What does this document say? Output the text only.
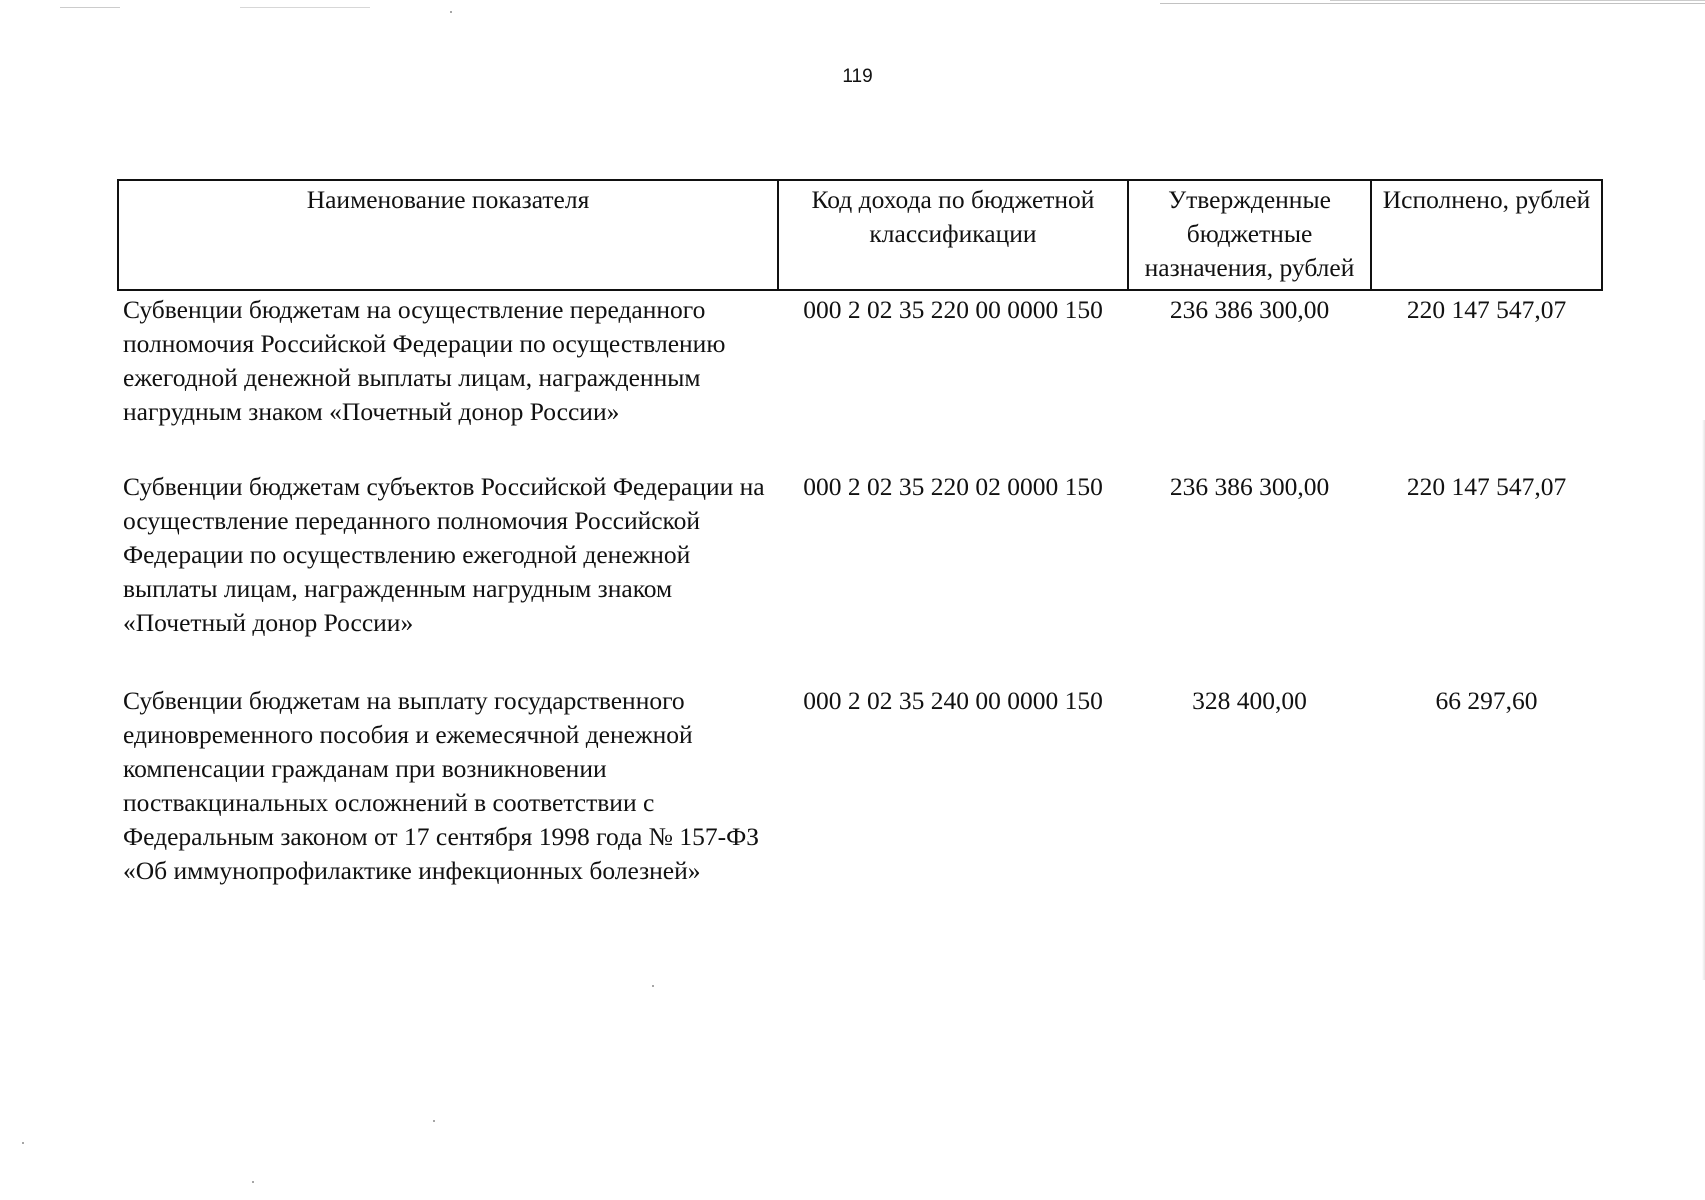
119
Наименование показателя	Код дохода по бюджетной классификации	Утвержденные бюджетные назначения, рублей	Исполнено, рублей
Субвенции бюджетам на осуществление переданного полномочия Российской Федерации по осуществлению ежегодной денежной выплаты лицам, награжденным нагрудным знаком «Почетный донор России»	000 2 02 35 220 00 0000 150	236 386 300,00	220 147 547,07
Субвенции бюджетам субъектов Российской Федерации на осуществление переданного полномочия Российской Федерации по осуществлению ежегодной денежной выплаты лицам, награжденным нагрудным знаком «Почетный донор России»	000 2 02 35 220 02 0000 150	236 386 300,00	220 147 547,07
Субвенции бюджетам на выплату государственного единовременного пособия и ежемесячной денежной компенсации гражданам при возникновении поствакцинальных осложнений в соответствии с Федеральным законом от 17 сентября 1998 года № 157-ФЗ «Об иммунопрофилактике инфекционных болезней»	000 2 02 35 240 00 0000 150	328 400,00	66 297,60
